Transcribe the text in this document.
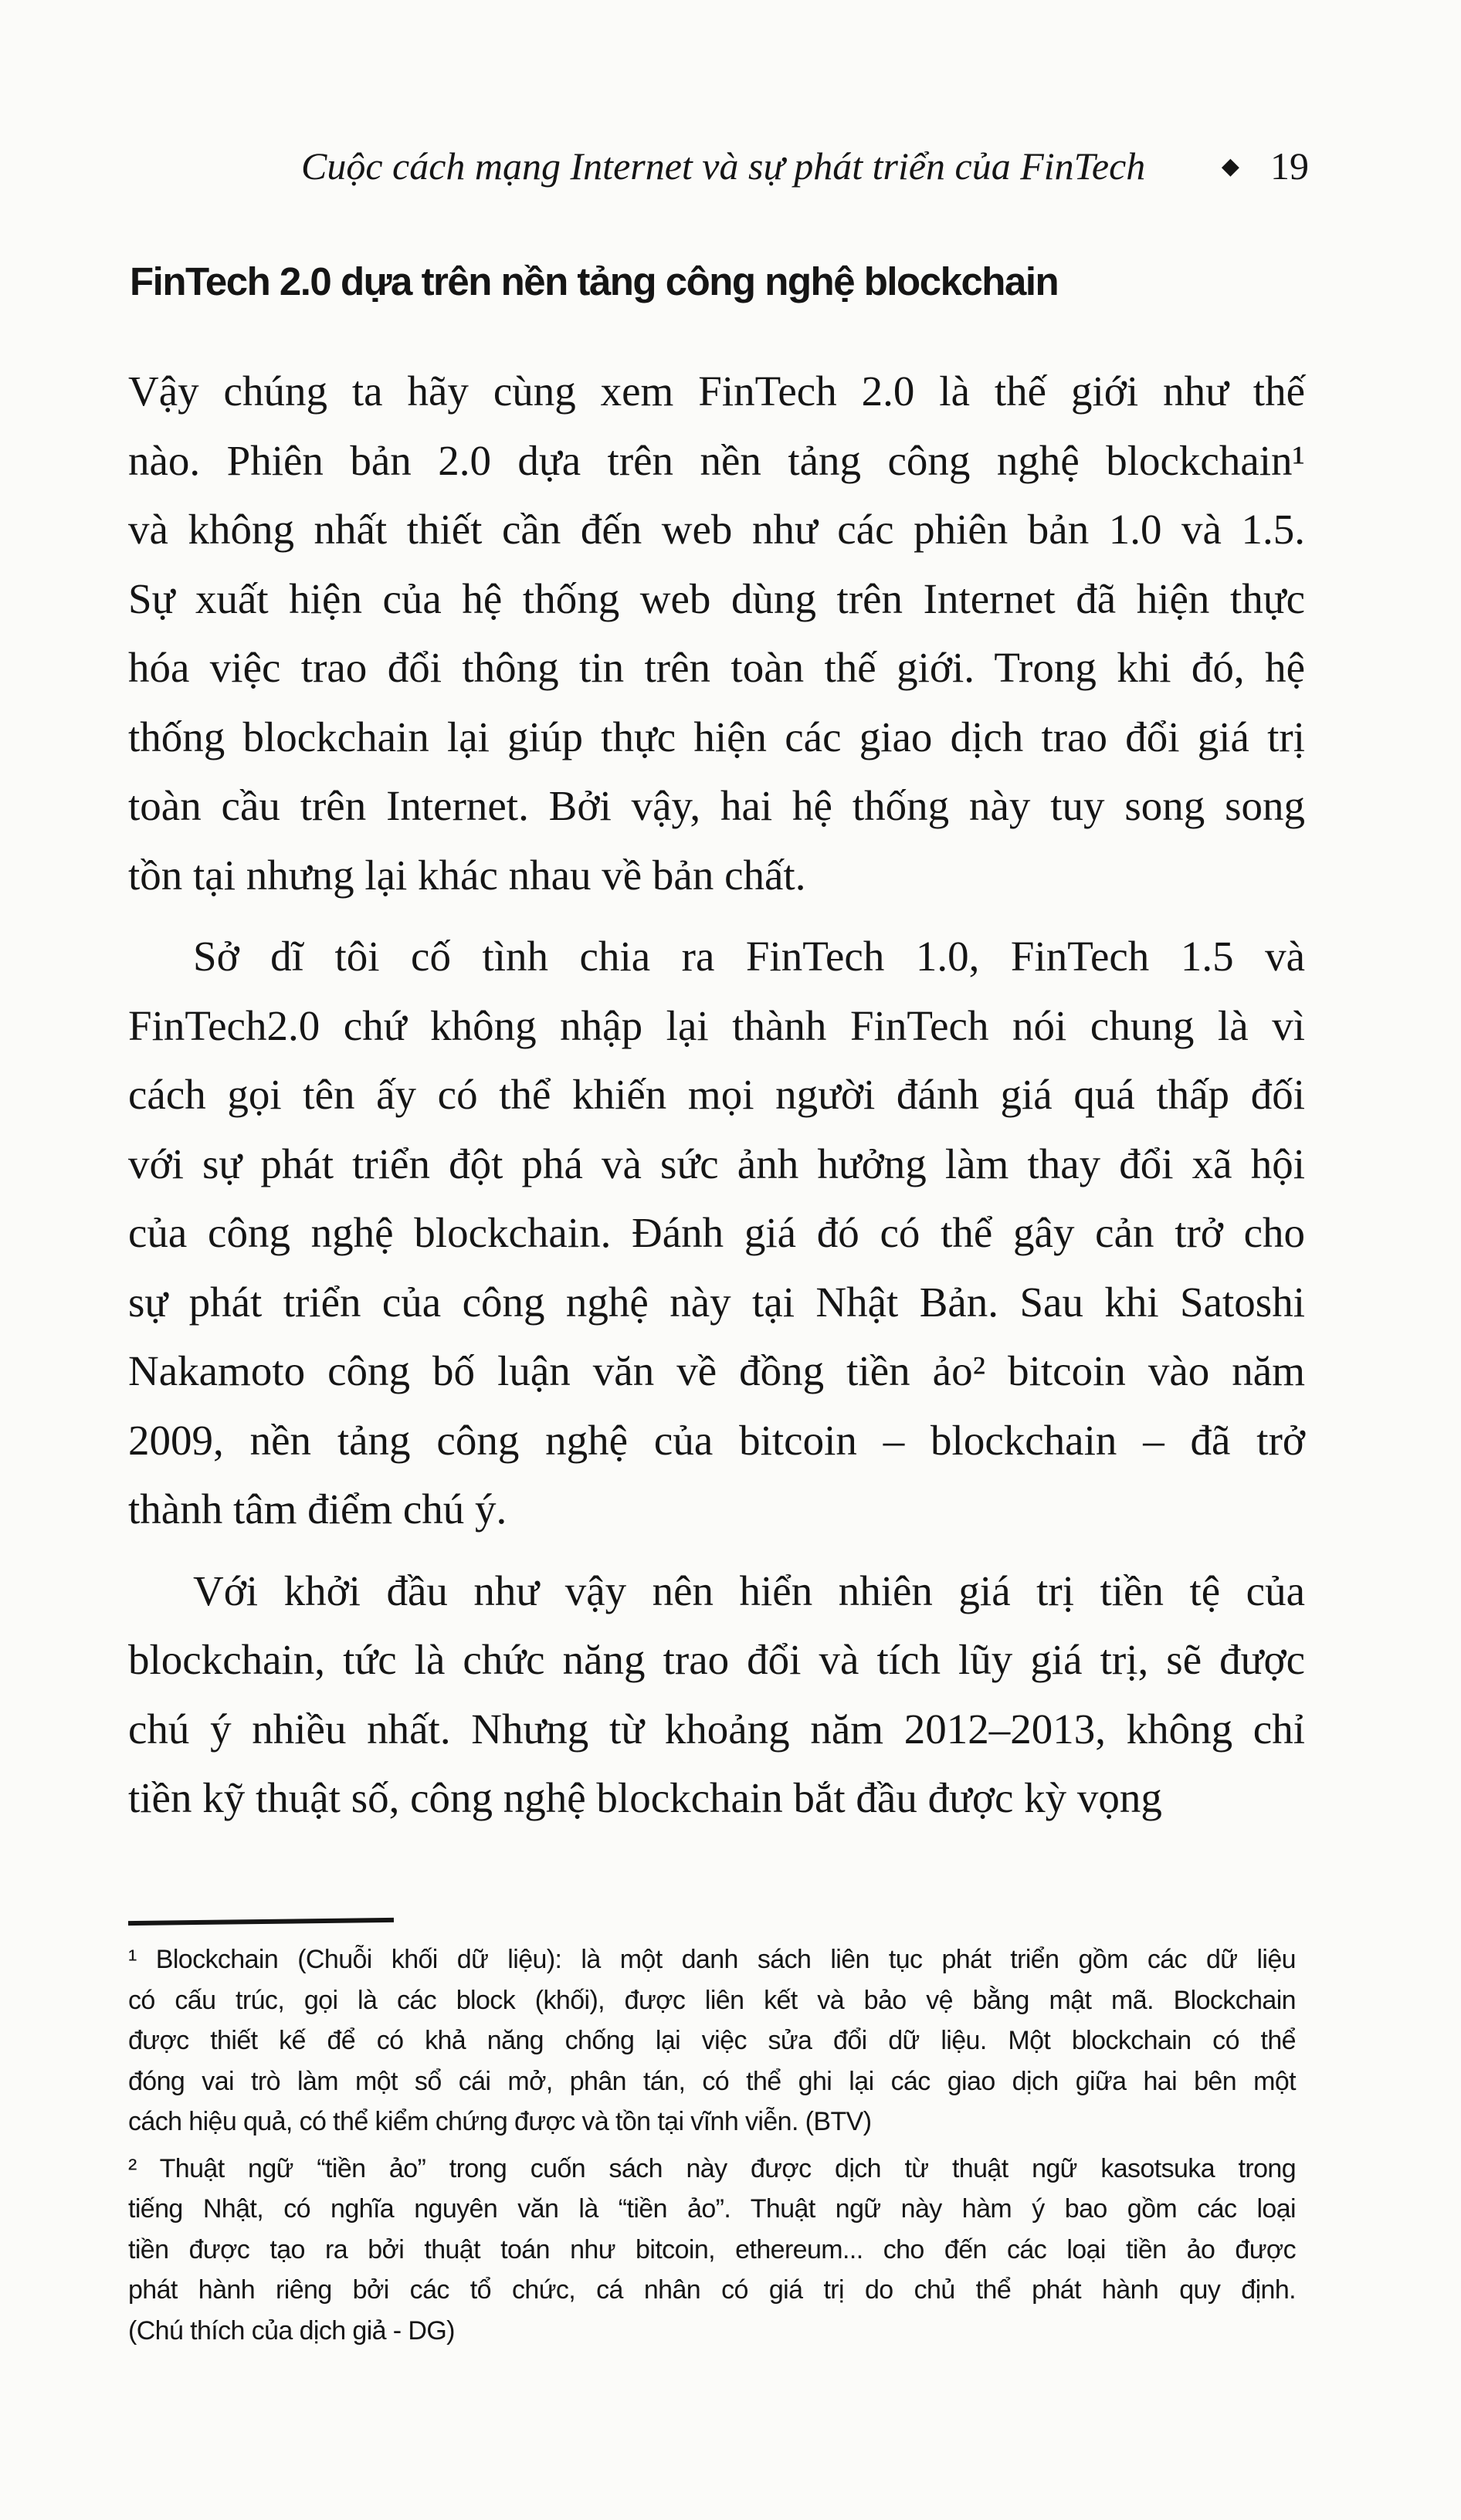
Cuộc cách mạng Internet và sự phát triển của FinTech	◆ 19
FinTech 2.0 dựa trên nền tảng công nghệ blockchain
Vậy chúng ta hãy cùng xem FinTech 2.0 là thế giới như thế
nào. Phiên bản 2.0 dựa trên nền tảng công nghệ blockchain¹
và không nhất thiết cần đến web như các phiên bản 1.0 và 1.5.
Sự xuất hiện của hệ thống web dùng trên Internet đã hiện thực
hóa việc trao đổi thông tin trên toàn thế giới. Trong khi đó, hệ
thống blockchain lại giúp thực hiện các giao dịch trao đổi giá trị
toàn cầu trên Internet. Bởi vậy, hai hệ thống này tuy song song
tồn tại nhưng lại khác nhau về bản chất.
Sở dĩ tôi cố tình chia ra FinTech 1.0, FinTech 1.5 và
FinTech2.0 chứ không nhập lại thành FinTech nói chung là vì
cách gọi tên ấy có thể khiến mọi người đánh giá quá thấp đối
với sự phát triển đột phá và sức ảnh hưởng làm thay đổi xã hội
của công nghệ blockchain. Đánh giá đó có thể gây cản trở cho
sự phát triển của công nghệ này tại Nhật Bản. Sau khi Satoshi
Nakamoto công bố luận văn về đồng tiền ảo² bitcoin vào năm
2009, nền tảng công nghệ của bitcoin – blockchain – đã trở
thành tâm điểm chú ý.
Với khởi đầu như vậy nên hiển nhiên giá trị tiền tệ của
blockchain, tức là chức năng trao đổi và tích lũy giá trị, sẽ được
chú ý nhiều nhất. Nhưng từ khoảng năm 2012–2013, không chỉ
tiền kỹ thuật số, công nghệ blockchain bắt đầu được kỳ vọng
¹ Blockchain (Chuỗi khối dữ liệu): là một danh sách liên tục phát triển gồm các dữ liệu
có cấu trúc, gọi là các block (khối), được liên kết và bảo vệ bằng mật mã. Blockchain
được thiết kế để có khả năng chống lại việc sửa đổi dữ liệu. Một blockchain có thể
đóng vai trò làm một sổ cái mở, phân tán, có thể ghi lại các giao dịch giữa hai bên một
cách hiệu quả, có thể kiểm chứng được và tồn tại vĩnh viễn. (BTV)
² Thuật ngữ “tiền ảo” trong cuốn sách này được dịch từ thuật ngữ kasotsuka trong
tiếng Nhật, có nghĩa nguyên văn là “tiền ảo”. Thuật ngữ này hàm ý bao gồm các loại
tiền được tạo ra bởi thuật toán như bitcoin, ethereum... cho đến các loại tiền ảo được
phát hành riêng bởi các tổ chức, cá nhân có giá trị do chủ thể phát hành quy định.
(Chú thích của dịch giả - DG)
